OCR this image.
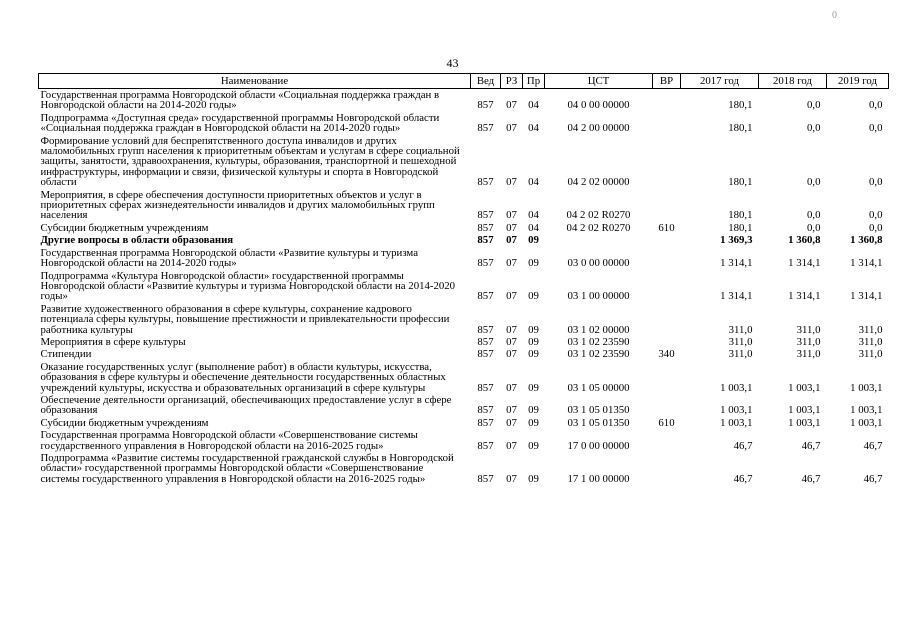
0
43
Наименование	Вед	РЗ	Пр	ЦСТ	ВР	2017 год	2018 год	2019 год
Государственная программа Новгородской области «Социальная поддержка граждан в Новгородской области на 2014-2020 годы»	857	07	04	04 0 00 00000		180,1	0,0	0,0
Подпрограмма «Доступная среда» государственной программы Новгородской области «Социальная поддержка граждан в Новгородской области на 2014-2020 годы»	857	07	04	04 2 00 00000		180,1	0,0	0,0
Формирование условий для беспрепятственного доступа инвалидов и других маломобильных групп населения к приоритетным объектам и услугам в сфере социальной защиты, занятости, здравоохранения, культуры, образования, транспортной и пешеходной инфраструктуры, информации и связи, физической культуры и спорта в Новгородской области	857	07	04	04 2 02 00000		180,1	0,0	0,0
Мероприятия, в сфере обеспечения доступности приоритетных объектов и услуг в приоритетных сферах жизнедеятельности инвалидов и других маломобильных групп населения	857	07	04	04 2 02 R0270		180,1	0,0	0,0
Субсидии бюджетным учреждениям	857	07	04	04 2 02 R0270	610	180,1	0,0	0,0
Другие вопросы в области образования	857	07	09			1 369,3	1 360,8	1 360,8
Государственная программа Новгородской области «Развитие культуры и туризма Новгородской области на 2014-2020 годы»	857	07	09	03 0 00 00000		1 314,1	1 314,1	1 314,1
Подпрограмма «Культура Новгородской области» государственной программы Новгородской области «Развитие культуры и туризма Новгородской области на 2014-2020 годы»	857	07	09	03 1 00 00000		1 314,1	1 314,1	1 314,1
Развитие художественного образования в сфере культуры, сохранение кадрового потенциала сферы культуры, повышение престижности и привлекательности профессии работника культуры	857	07	09	03 1 02 00000		311,0	311,0	311,0
Мероприятия в сфере культуры	857	07	09	03 1 02 23590		311,0	311,0	311,0
Стипендии	857	07	09	03 1 02 23590	340	311,0	311,0	311,0
Оказание государственных услуг (выполнение работ) в области культуры, искусства, образования в сфере культуры и обеспечение деятельности государственных областных учреждений культуры, искусства и образовательных организаций в сфере культуры	857	07	09	03 1 05 00000		1 003,1	1 003,1	1 003,1
Обеспечение деятельности организаций, обеспечивающих предоставление услуг в сфере образования	857	07	09	03 1 05 01350		1 003,1	1 003,1	1 003,1
Субсидии бюджетным учреждениям	857	07	09	03 1 05 01350	610	1 003,1	1 003,1	1 003,1
Государственная программа Новгородской области «Совершенствование системы государственного управления в Новгородской области на 2016-2025 годы»	857	07	09	17 0 00 00000		46,7	46,7	46,7
Подпрограмма «Развитие системы государственной гражданской службы в Новгородской области» государственной программы Новгородской области «Совершенствование системы государственного управления в Новгородской области на 2016-2025 годы»	857	07	09	17 1 00 00000		46,7	46,7	46,7
